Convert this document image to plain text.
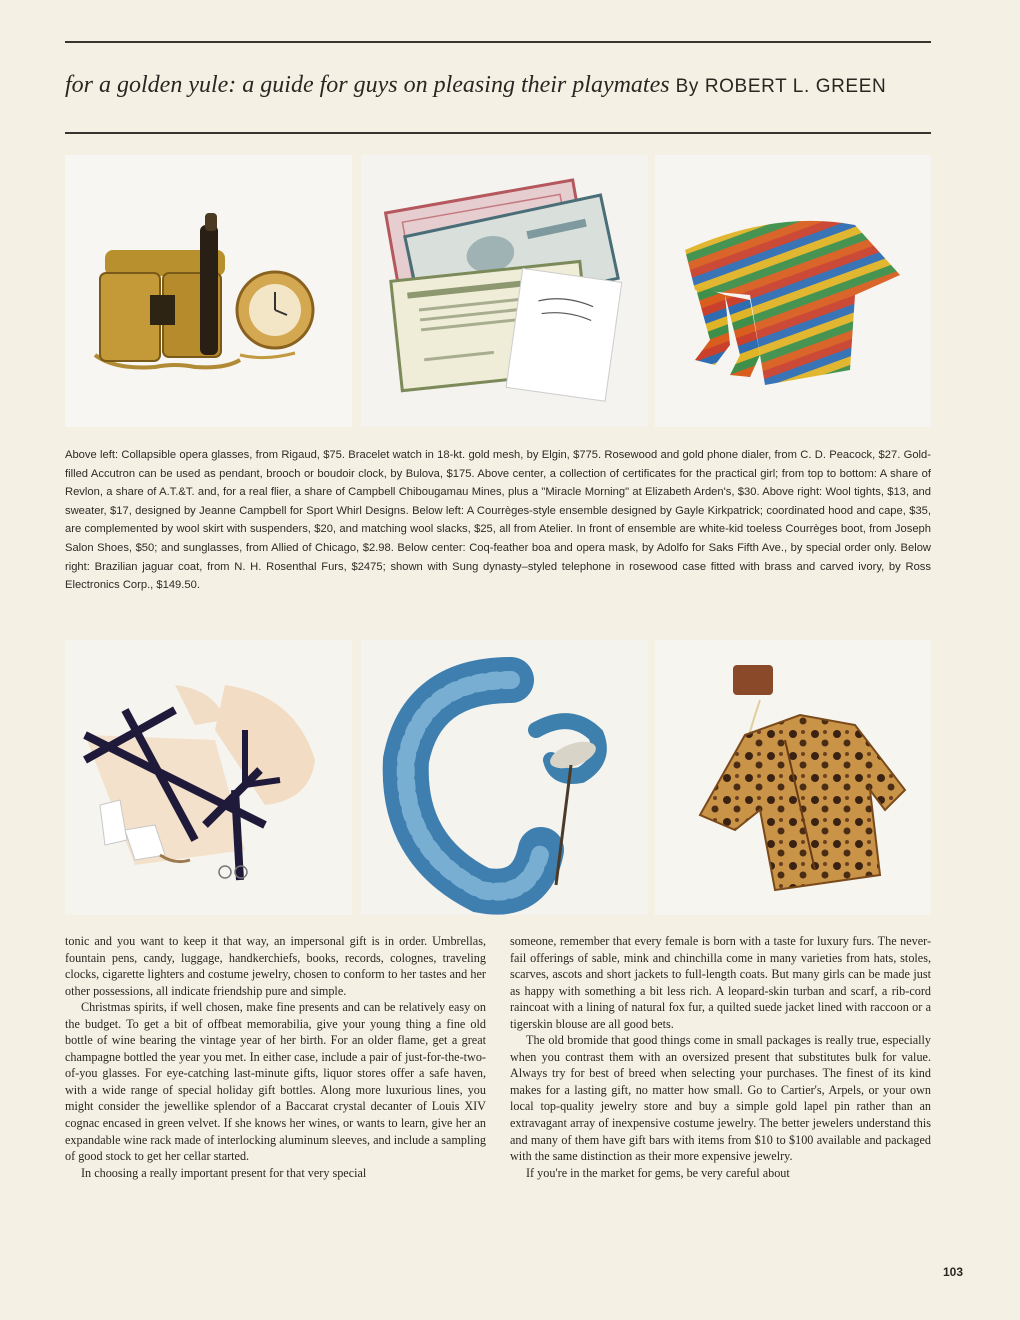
for a golden yule: a guide for guys on pleasing their playmates By ROBERT L. GREEN
Above left: Collapsible opera glasses, from Rigaud, $75. Bracelet watch in 18-kt. gold mesh, by Elgin, $775. Rosewood and gold phone dialer, from C. D. Peacock, $27. Gold-filled Accutron can be used as pendant, brooch or boudoir clock, by Bulova, $175. Above center, a collection of certificates for the practical girl; from top to bottom: A share of Revlon, a share of A.T.&T. and, for a real flier, a share of Campbell Chibougamau Mines, plus a "Miracle Morning" at Elizabeth Arden's, $30. Above right: Wool tights, $13, and sweater, $17, designed by Jeanne Campbell for Sport Whirl Designs. Below left: A Courrèges-style ensemble designed by Gayle Kirkpatrick; coordinated hood and cape, $35, are complemented by wool skirt with suspenders, $20, and matching wool slacks, $25, all from Atelier. In front of ensemble are white-kid toeless Courrèges boot, from Joseph Salon Shoes, $50; and sunglasses, from Allied of Chicago, $2.98. Below center: Coq-feather boa and opera mask, by Adolfo for Saks Fifth Ave., by special order only. Below right: Brazilian jaguar coat, from N. H. Rosenthal Furs, $2475; shown with Sung dynasty–styled telephone in rosewood case fitted with brass and carved ivory, by Ross Electronics Corp., $149.50.

tonic and you want to keep it that way, an impersonal gift is in order. Umbrellas, fountain pens, candy, luggage, handkerchiefs, books, records, colognes, traveling clocks, cigarette lighters and costume jewelry, chosen to conform to her tastes and her other possessions, all indicate friendship pure and simple.

Christmas spirits, if well chosen, make fine presents and can be relatively easy on the budget. To get a bit of offbeat memorabilia, give your young thing a fine old bottle of wine bearing the vintage year of her birth. For an older flame, get a great champagne bottled the year you met. In either case, include a pair of just-for-the-two-of-you glasses. For eye-catching last-minute gifts, liquor stores offer a safe haven, with a wide range of special holiday gift bottles. Along more luxurious lines, you might consider the jewellike splendor of a Baccarat crystal decanter of Louis XIV cognac encased in green velvet. If she knows her wines, or wants to learn, give her an expandable wine rack made of interlocking aluminum sleeves, and include a sampling of good stock to get her cellar started.

In choosing a really important present for that very special

someone, remember that every female is born with a taste for luxury furs. The never-fail offerings of sable, mink and chinchilla come in many varieties from hats, stoles, scarves, ascots and short jackets to full-length coats. But many girls can be made just as happy with something a bit less rich. A leopard-skin turban and scarf, a rib-cord raincoat with a lining of natural fox fur, a quilted suede jacket lined with raccoon or a tigerskin blouse are all good bets.

The old bromide that good things come in small packages is really true, especially when you contrast them with an oversized present that substitutes bulk for value. Always try for best of breed when selecting your purchases. The finest of its kind makes for a lasting gift, no matter how small. Go to Cartier's, Arpels, or your own local top-quality jewelry store and buy a simple gold lapel pin rather than an extravagant array of inexpensive costume jewelry. The better jewelers understand this and many of them have gift bars with items from $10 to $100 available and packaged with the same distinction as their more expensive jewelry.

If you're in the market for gems, be very careful about

103
